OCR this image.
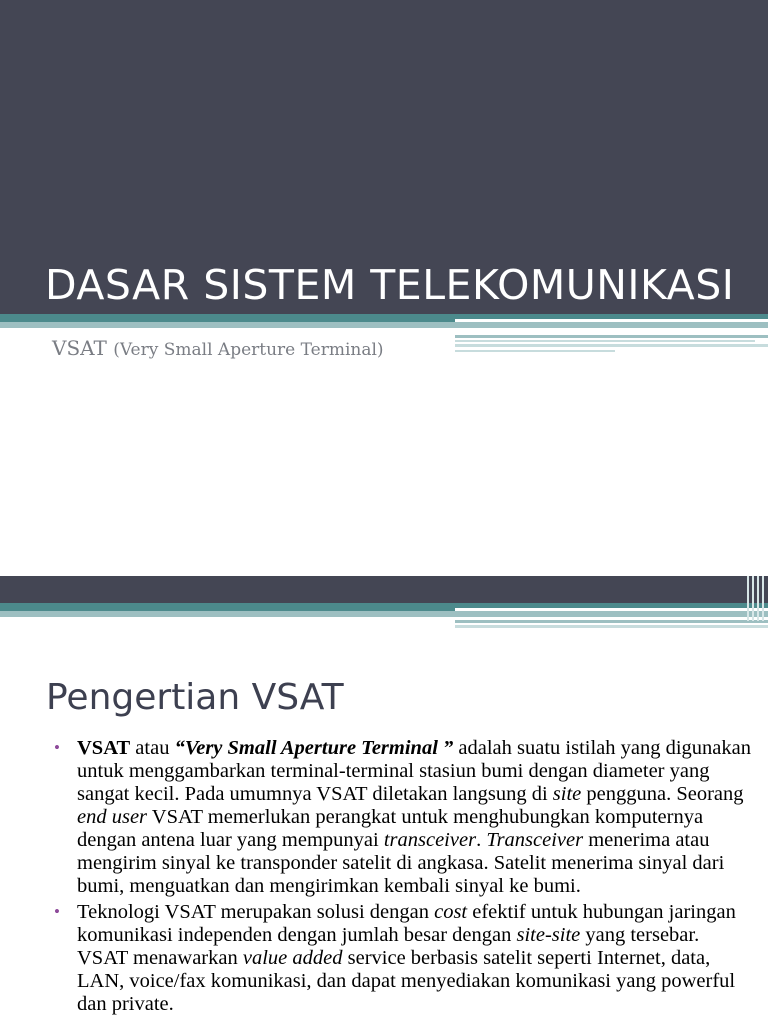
DASAR SISTEM TELEKOMUNIKASI
VSAT (Very Small Aperture Terminal)
Pengertian VSAT
• VSAT atau “Very Small Aperture Terminal ” adalah suatu istilah yang digunakan untuk menggambarkan terminal-terminal stasiun bumi dengan diameter yang sangat kecil. Pada umumnya VSAT diletakan langsung di site pengguna. Seorang end user VSAT memerlukan perangkat untuk menghubungkan komputernya dengan antena luar yang mempunyai transceiver. Transceiver menerima atau mengirim sinyal ke transponder satelit di angkasa. Satelit menerima sinyal dari bumi, menguatkan dan mengirimkan kembali sinyal ke bumi.
• Teknologi VSAT merupakan solusi dengan cost efektif untuk hubungan jaringan komunikasi independen dengan jumlah besar dengan site-site yang tersebar. VSAT menawarkan value added service berbasis satelit seperti Internet, data, LAN, voice/fax komunikasi, dan dapat menyediakan komunikasi yang powerful dan private.
